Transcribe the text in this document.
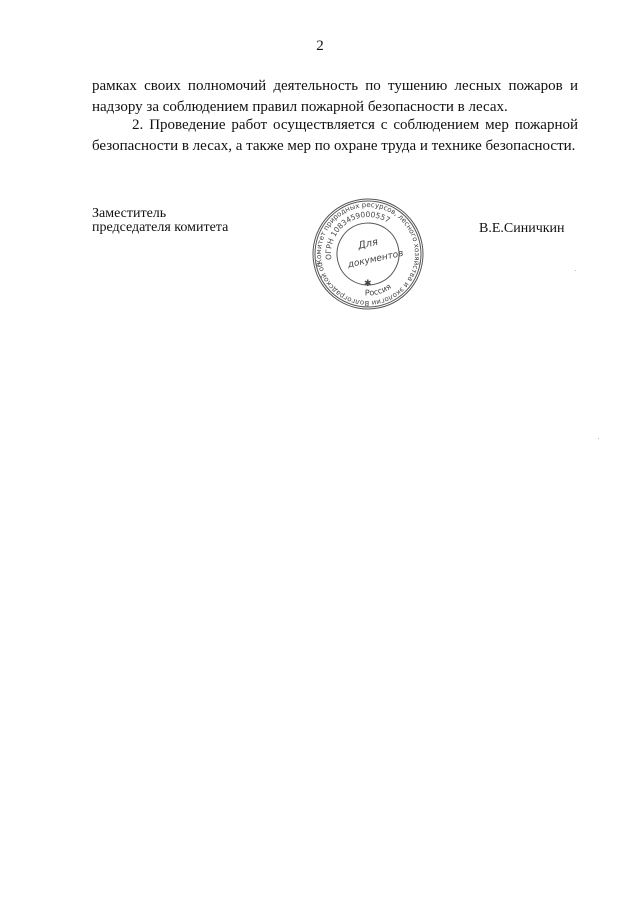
2
рамках своих полномочий деятельность по тушению лесных пожаров и
надзору за соблюдением правил пожарной безопасности в лесах.
2. Проведение работ осуществляется с соблюдением мер пожарной
безопасности в лесах, а также мер по охране труда и технике безопасности.
Заместитель
председателя комитета	В.Е.Синичкин
Комитет природных ресурсов, лесного хозяйства и экологии Волгоградской обл.
ОГРН 1083459000557
Россия
Для
документов
✱
